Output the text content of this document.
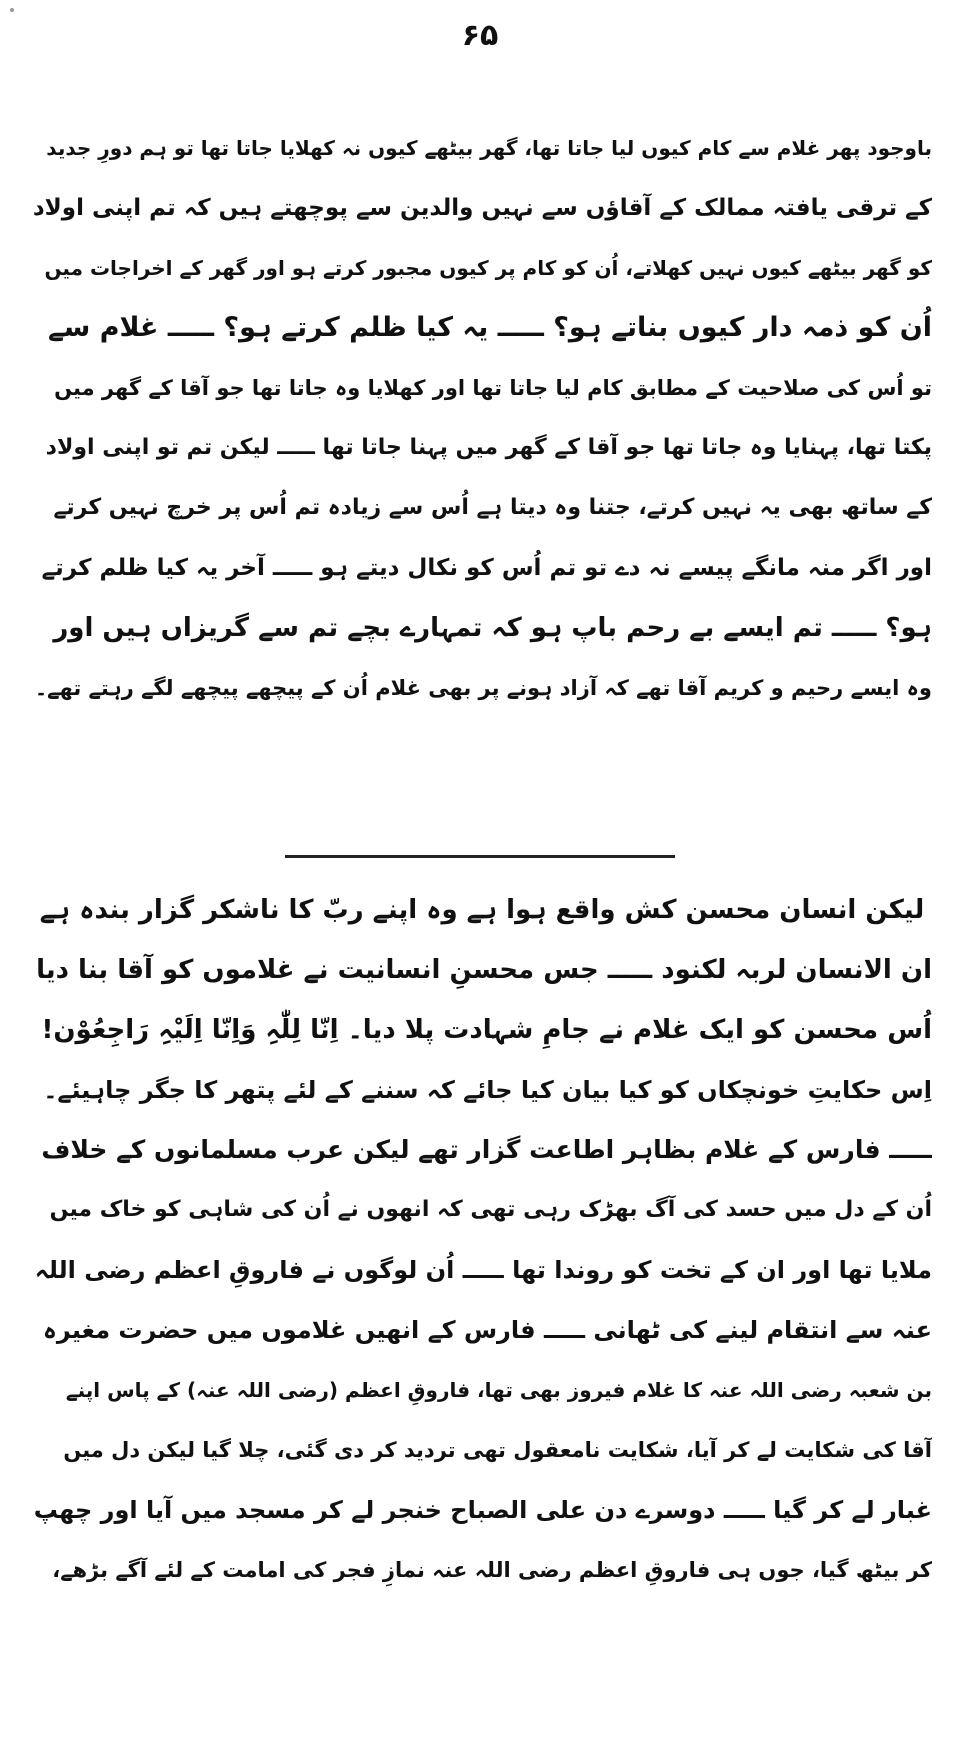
۶۵

باوجود پھر غلام سے کام کیوں لیا جاتا تھا، گھر بیٹھے کیوں نہ کھلایا جاتا تھا تو ہم دورِ جدید

کے ترقی یافتہ ممالک کے آقاؤں سے نہیں والدین سے پوچھتے ہیں کہ تم اپنی اولاد

کو گھر بیٹھے کیوں نہیں کھلاتے، اُن کو کام پر کیوں مجبور کرتے ہو اور گھر کے اخراجات میں

اُن کو ذمہ دار کیوں بناتے ہو؟ ـــــ یہ کیا ظلم کرتے ہو؟ ـــــ غلام سے

تو اُس کی صلاحیت کے مطابق کام لیا جاتا تھا اور کھلایا وہ جاتا تھا جو آقا کے گھر میں

پکتا تھا، پہنایا وہ جاتا تھا جو آقا کے گھر میں پہنا جاتا تھا ـــــ لیکن تم تو اپنی اولاد

کے ساتھ بھی یہ نہیں کرتے، جتنا وہ دیتا ہے اُس سے زیادہ تم اُس پر خرچ نہیں کرتے

اور اگر منہ مانگے پیسے نہ دے تو تم اُس کو نکال دیتے ہو ـــــ آخر یہ کیا ظلم کرتے

ہو؟ ـــــ تم ایسے بے رحم باپ ہو کہ تمہارے بچے تم سے گریزاں ہیں اور

وہ ایسے رحیم و کریم آقا تھے کہ آزاد ہونے پر بھی غلام اُن کے پیچھے پیچھے لگے رہتے تھے۔

لیکن انسان محسن کش واقع ہوا ہے وہ اپنے ربّ کا ناشکر گزار بندہ ہے

ان الانسان لربہ لکنود ـــــ جس محسنِ انسانیت نے غلاموں کو آقا بنا دیا

اُس محسن کو ایک غلام نے جامِ شہادت پلا دیا۔ اِنّا لِلّٰہِ وَاِنّا اِلَیْہِ رَاجِعُوْن!

اِس حکایتِ خونچکاں کو کیا بیان کیا جائے کہ سننے کے لئے پتھر کا جگر چاہیئے۔

ـــــ فارس کے غلام بظاہر اطاعت گزار تھے لیکن عرب مسلمانوں کے خلاف

اُن کے دل میں حسد کی آگ بھڑک رہی تھی کہ انھوں نے اُن کی شاہی کو خاک میں

ملایا تھا اور ان کے تخت کو روندا تھا ـــــ اُن لوگوں نے فاروقِ اعظم رضی اللہ

عنہ سے انتقام لینے کی ٹھانی ـــــ فارس کے انھیں غلاموں میں حضرت مغیرہ

بن شعبہ رضی اللہ عنہ کا غلام فیروز بھی تھا، فاروقِ اعظم (رضی اللہ عنہ) کے پاس اپنے

آقا کی شکایت لے کر آیا، شکایت نامعقول تھی تردید کر دی گئی، چلا گیا لیکن دل میں

غبار لے کر گیا ـــــ دوسرے دن علی الصباح خنجر لے کر مسجد میں آیا اور چھپ

کر بیٹھ گیا، جوں ہی فاروقِ اعظم رضی اللہ عنہ نمازِ فجر کی امامت کے لئے آگے بڑھے،
